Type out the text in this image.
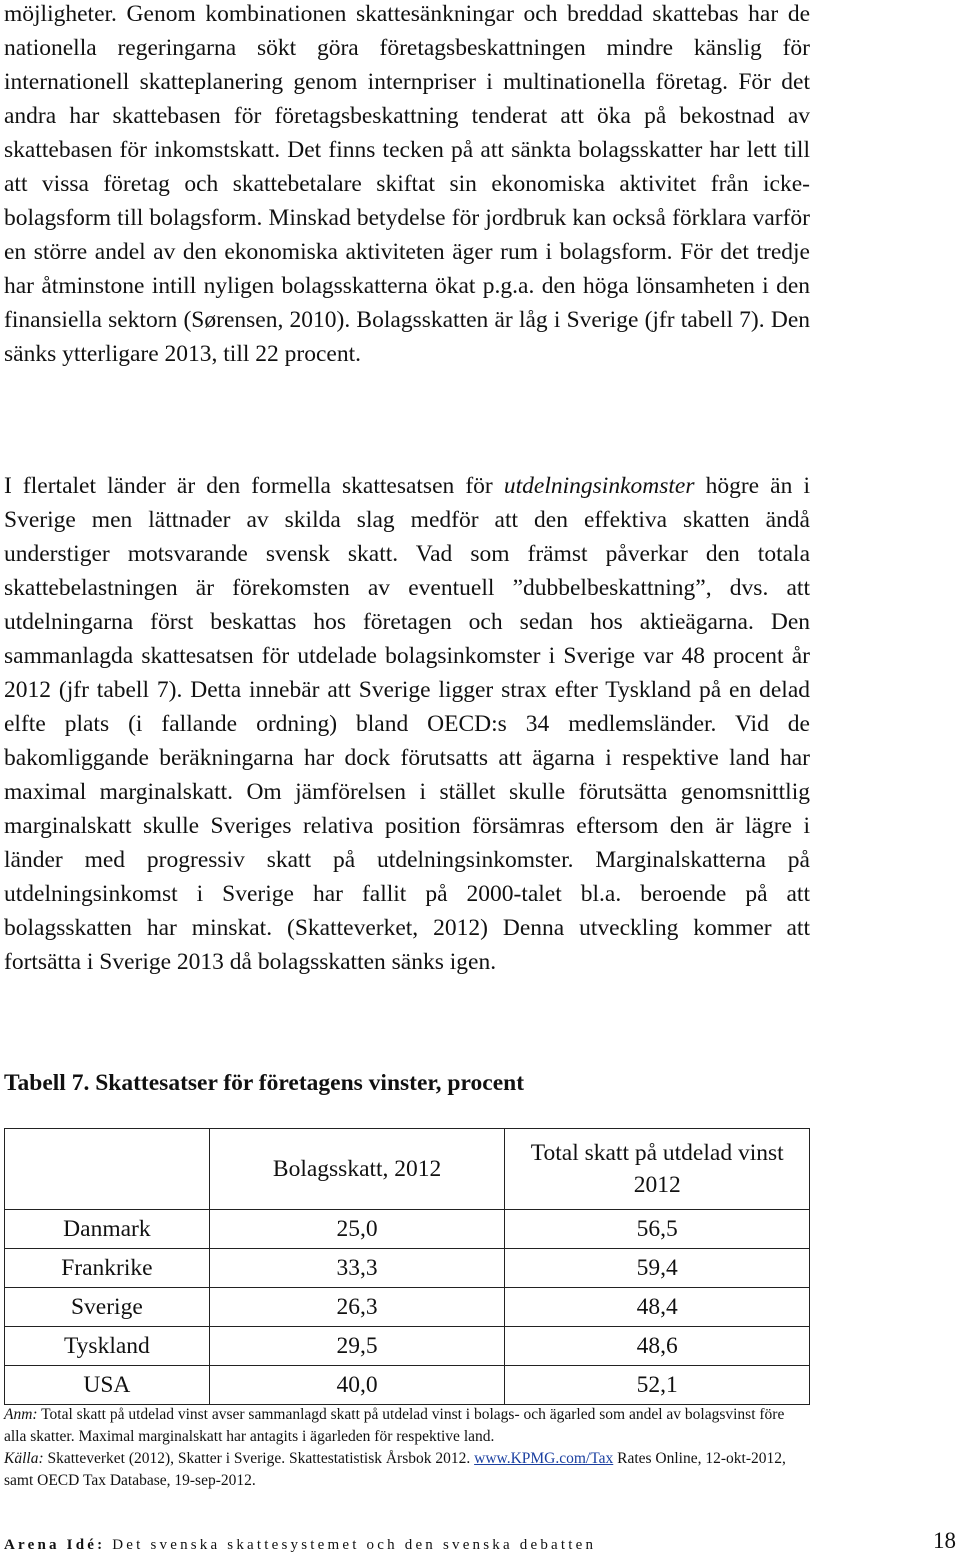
möjligheter. Genom kombinationen skattesänkningar och breddad skattebas har de nationella regeringarna sökt göra företagsbeskattningen mindre känslig för internationell skatteplanering genom internpriser i multinationella företag. För det andra har skattebasen för företagsbeskattning tenderat att öka på bekostnad av skattebasen för inkomstskatt. Det finns tecken på att sänkta bolagsskatter har lett till att vissa företag och skattebetalare skiftat sin ekonomiska aktivitet från icke-bolagsform till bolagsform. Minskad betydelse för jordbruk kan också förklara varför en större andel av den ekonomiska aktiviteten äger rum i bolagsform. För det tredje har åtminstone intill nyligen bolagsskatterna ökat p.g.a. den höga lönsamheten i den finansiella sektorn (Sørensen, 2010). Bolagsskatten är låg i Sverige (jfr tabell 7). Den sänks ytterligare 2013, till 22 procent.

I flertalet länder är den formella skattesatsen för utdelningsinkomster högre än i Sverige men lättnader av skilda slag medför att den effektiva skatten ändå understiger motsvarande svensk skatt. Vad som främst påverkar den totala skattebelastningen är förekomsten av eventuell ”dubbelbeskattning”, dvs. att utdelningarna först beskattas hos företagen och sedan hos aktieägarna. Den sammanlagda skattesatsen för utdelade bolagsinkomster i Sverige var 48 procent år 2012 (jfr tabell 7). Detta innebär att Sverige ligger strax efter Tyskland på en delad elfte plats (i fallande ordning) bland OECD:s 34 medlemsländer. Vid de bakomliggande beräkningarna har dock förutsatts att ägarna i respektive land har maximal marginalskatt. Om jämförelsen i stället skulle förutsätta genomsnittlig marginalskatt skulle Sveriges relativa position försämras eftersom den är lägre i länder med progressiv skatt på utdelningsinkomster. Marginalskatterna på utdelningsinkomst i Sverige har fallit på 2000-talet bl.a. beroende på att bolagsskatten har minskat. (Skatteverket, 2012) Denna utveckling kommer att fortsätta i Sverige 2013 då bolagsskatten sänks igen.

Tabell 7. Skattesatser för företagens vinster, procent

	Bolagsskatt, 2012	Total skatt på utdelad vinst 2012
Danmark	25,0	56,5
Frankrike	33,3	59,4
Sverige	26,3	48,4
Tyskland	29,5	48,6
USA	40,0	52,1

Anm: Total skatt på utdelad vinst avser sammanlagd skatt på utdelad vinst i bolags- och ägarled som andel av bolagsvinst före alla skatter. Maximal marginalskatt har antagits i ägarleden för respektive land.

Källa: Skatteverket (2012), Skatter i Sverige. Skattestatistisk Årsbok 2012. www.KPMG.com/Tax Rates Online, 12-okt-2012, samt OECD Tax Database, 19-sep-2012.

Arena Idé: Det svenska skattesystemet och den svenska debatten	18
